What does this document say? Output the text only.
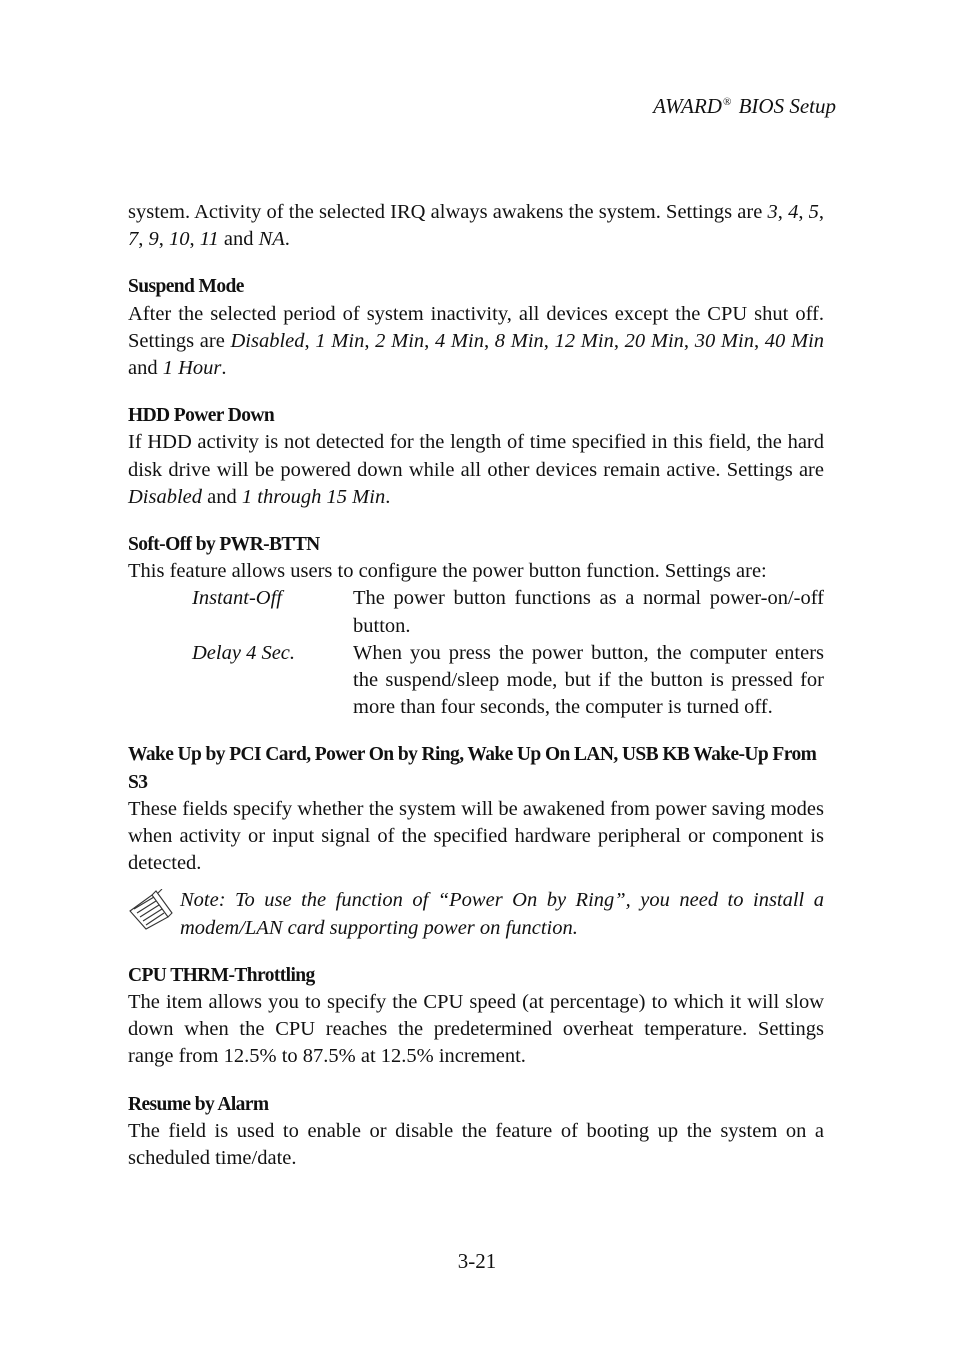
AWARD® BIOS Setup

system. Activity of the selected IRQ always awakens the system. Settings are 3, 4, 5, 7, 9, 10, 11 and NA.

Suspend Mode

After the selected period of system inactivity, all devices except the CPU shut off. Settings are Disabled, 1 Min, 2 Min, 4 Min, 8 Min, 12 Min, 20 Min, 30 Min, 40 Min and 1 Hour.

HDD Power Down

If HDD activity is not detected for the length of time specified in this field, the hard disk drive will be powered down while all other devices remain active. Settings are Disabled and 1 through 15 Min.

Soft-Off by PWR-BTTN

This feature allows users to configure the power button function. Settings are:

Instant-Off	The power button functions as a normal power-on/-off button.
Delay 4 Sec.	When you press the power button, the computer enters the suspend/sleep mode, but if the button is pressed for more than four seconds, the computer is turned off.
Wake Up by PCI Card, Power On by Ring, Wake Up On LAN, USB KB Wake-Up From S3

These fields specify whether the system will be awakened from power saving modes when activity or input signal of the specified hardware peripheral or component is detected.

Note: To use the function of “Power On by Ring”, you need to install a modem/LAN card supporting power on function.
CPU THRM-Throttling

The item allows you to specify the CPU speed (at percentage) to which it will slow down when the CPU reaches the predetermined overheat temperature. Settings range from 12.5% to 87.5% at 12.5% increment.

Resume by Alarm

The field is used to enable or disable the feature of booting up the system on a scheduled time/date.

3-21
